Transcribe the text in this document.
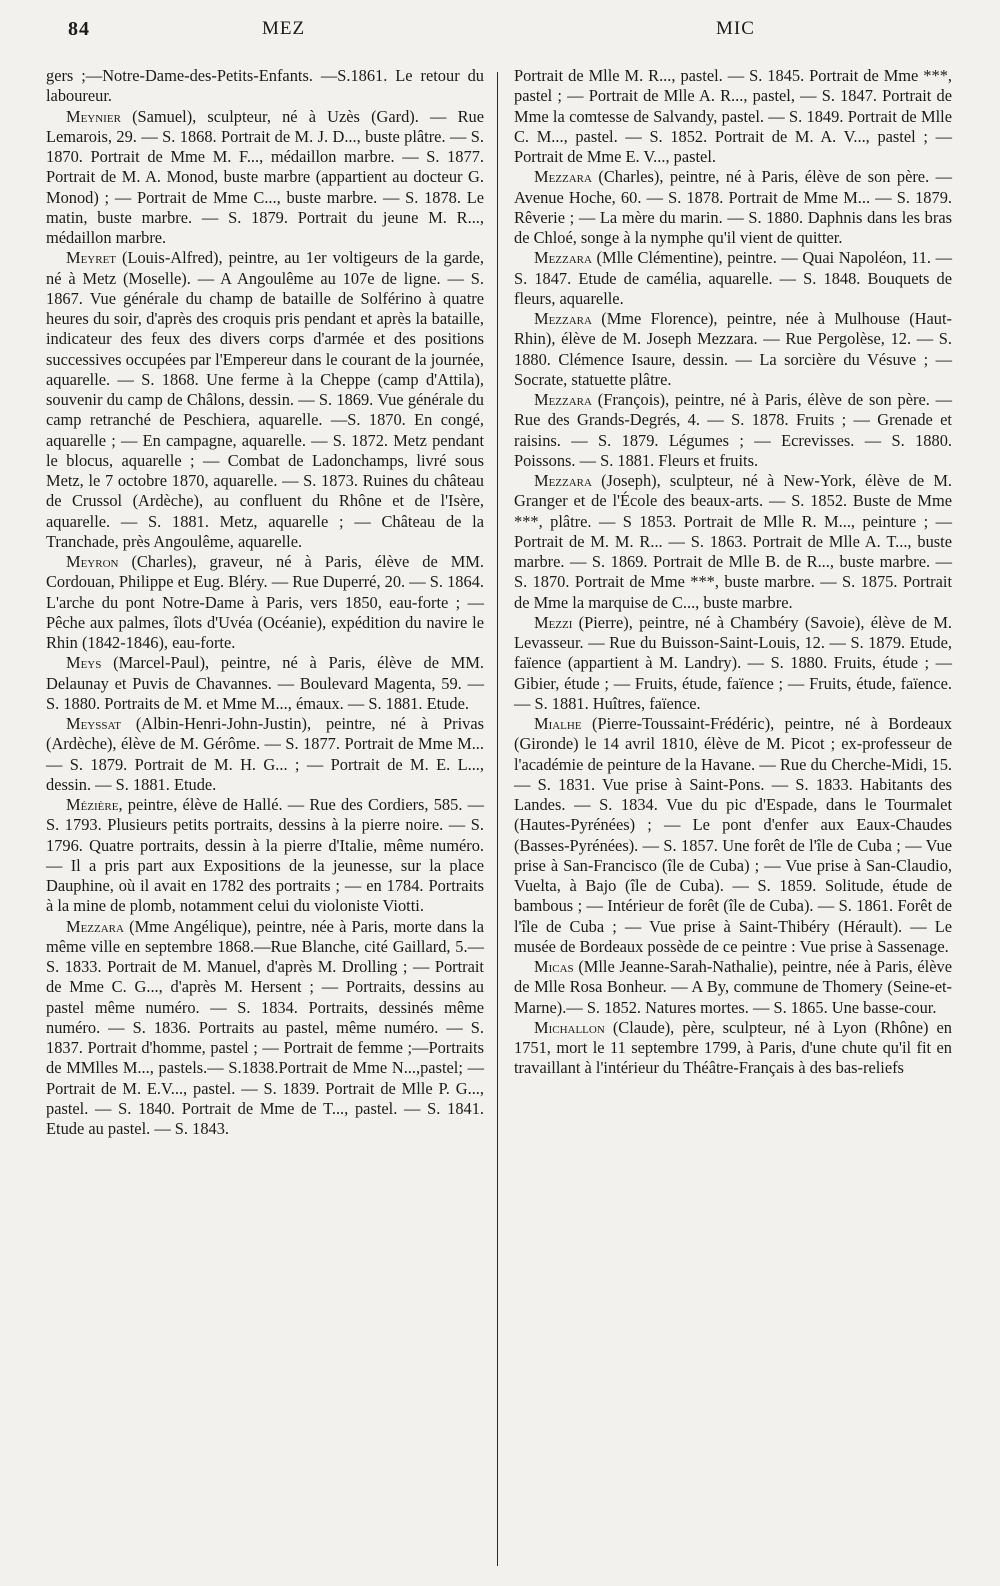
84	MEZ	MIC

gers ;—Notre-Dame-des-Petits-Enfants. —S.1861. Le retour du laboureur.

Meynier (Samuel), sculpteur, né à Uzès (Gard). — Rue Lemarois, 29. — S. 1868. Portrait de M. J. D..., buste plâtre. — S. 1870. Portrait de Mme M. F..., médaillon marbre. — S. 1877. Portrait de M. A. Monod, buste marbre (appartient au docteur G. Monod) ; — Portrait de Mme C..., buste marbre. — S. 1878. Le matin, buste marbre. — S. 1879. Portrait du jeune M. R..., médaillon marbre.

Meyret (Louis-Alfred), peintre, au 1er voltigeurs de la garde, né à Metz (Moselle). — A Angoulême au 107e de ligne. — S. 1867. Vue générale du champ de bataille de Solférino à quatre heures du soir, d'après des croquis pris pendant et après la bataille, indicateur des feux des divers corps d'armée et des positions successives occupées par l'Empereur dans le courant de la journée, aquarelle. — S. 1868. Une ferme à la Cheppe (camp d'Attila), souvenir du camp de Châlons, dessin. — S. 1869. Vue générale du camp retranché de Peschiera, aquarelle. —S. 1870. En congé, aquarelle ; — En campagne, aquarelle. — S. 1872. Metz pendant le blocus, aquarelle ; — Combat de Ladonchamps, livré sous Metz, le 7 octobre 1870, aquarelle. — S. 1873. Ruines du château de Crussol (Ardèche), au confluent du Rhône et de l'Isère, aquarelle. — S. 1881. Metz, aquarelle ; — Château de la Tranchade, près Angoulême, aquarelle.

Meyron (Charles), graveur, né à Paris, élève de MM. Cordouan, Philippe et Eug. Bléry. — Rue Duperré, 20. — S. 1864. L'arche du pont Notre-Dame à Paris, vers 1850, eau-forte ; — Pêche aux palmes, îlots d'Uvéa (Océanie), expédition du navire le Rhin (1842-1846), eau-forte.

Meys (Marcel-Paul), peintre, né à Paris, élève de MM. Delaunay et Puvis de Chavannes. — Boulevard Magenta, 59. — S. 1880. Portraits de M. et Mme M..., émaux. — S. 1881. Etude.

Meyssat (Albin-Henri-John-Justin), peintre, né à Privas (Ardèche), élève de M. Gérôme. — S. 1877. Portrait de Mme M... — S. 1879. Portrait de M. H. G... ; — Portrait de M. E. L..., dessin. — S. 1881. Etude.

Mézière, peintre, élève de Hallé. — Rue des Cordiers, 585. — S. 1793. Plusieurs petits portraits, dessins à la pierre noire. — S. 1796. Quatre portraits, dessin à la pierre d'Italie, même numéro. — Il a pris part aux Expositions de la jeunesse, sur la place Dauphine, où il avait en 1782 des portraits ; — en 1784. Portraits à la mine de plomb, notamment celui du violoniste Viotti.

Mezzara (Mme Angélique), peintre, née à Paris, morte dans la même ville en septembre 1868.—Rue Blanche, cité Gaillard, 5.—S. 1833. Portrait de M. Manuel, d'après M. Drolling ; — Portrait de Mme C. G..., d'après M. Hersent ; — Portraits, dessins au pastel même numéro. — S. 1834. Portraits, dessinés même numéro. — S. 1836. Portraits au pastel, même numéro. — S. 1837. Portrait d'homme, pastel ; — Portrait de femme ;—Portraits de MMlles M..., pastels.— S.1838.Portrait de Mme N...,pastel; —Portrait de M. E.V..., pastel. — S. 1839. Portrait de Mlle P. G..., pastel. — S. 1840. Portrait de Mme de T..., pastel. — S. 1841. Etude au pastel. — S. 1843.

Portrait de Mlle M. R..., pastel. — S. 1845. Portrait de Mme ***, pastel ; — Portrait de Mlle A. R..., pastel, — S. 1847. Portrait de Mme la comtesse de Salvandy, pastel. — S. 1849. Portrait de Mlle C. M..., pastel. — S. 1852. Portrait de M. A. V..., pastel ; — Portrait de Mme E. V..., pastel.

Mezzara (Charles), peintre, né à Paris, élève de son père. — Avenue Hoche, 60. — S. 1878. Portrait de Mme M... — S. 1879. Rêverie ; — La mère du marin. — S. 1880. Daphnis dans les bras de Chloé, songe à la nymphe qu'il vient de quitter.

Mezzara (Mlle Clémentine), peintre. — Quai Napoléon, 11. — S. 1847. Etude de camélia, aquarelle. — S. 1848. Bouquets de fleurs, aquarelle.

Mezzara (Mme Florence), peintre, née à Mulhouse (Haut-Rhin), élève de M. Joseph Mezzara. — Rue Pergolèse, 12. — S. 1880. Clémence Isaure, dessin. — La sorcière du Vésuve ; — Socrate, statuette plâtre.

Mezzara (François), peintre, né à Paris, élève de son père. — Rue des Grands-Degrés, 4. — S. 1878. Fruits ; — Grenade et raisins. — S. 1879. Légumes ; — Ecrevisses. — S. 1880. Poissons. — S. 1881. Fleurs et fruits.

Mezzara (Joseph), sculpteur, né à New-York, élève de M. Granger et de l'École des beaux-arts. — S. 1852. Buste de Mme ***, plâtre. — S 1853. Portrait de Mlle R. M..., peinture ; — Portrait de M. M. R... — S. 1863. Portrait de Mlle A. T..., buste marbre. — S. 1869. Portrait de Mlle B. de R..., buste marbre. — S. 1870. Portrait de Mme ***, buste marbre. — S. 1875. Portrait de Mme la marquise de C..., buste marbre.

Mezzi (Pierre), peintre, né à Chambéry (Savoie), élève de M. Levasseur. — Rue du Buisson-Saint-Louis, 12. — S. 1879. Etude, faïence (appartient à M. Landry). — S. 1880. Fruits, étude ; — Gibier, étude ; — Fruits, étude, faïence ; — Fruits, étude, faïence. — S. 1881. Huîtres, faïence.

Mialhe (Pierre-Toussaint-Frédéric), peintre, né à Bordeaux (Gironde) le 14 avril 1810, élève de M. Picot ; ex-professeur de l'académie de peinture de la Havane. — Rue du Cherche-Midi, 15. — S. 1831. Vue prise à Saint-Pons. — S. 1833. Habitants des Landes. — S. 1834. Vue du pic d'Espade, dans le Tourmalet (Hautes-Pyrénées) ; — Le pont d'enfer aux Eaux-Chaudes (Basses-Pyrénées). — S. 1857. Une forêt de l'île de Cuba ; — Vue prise à San-Francisco (île de Cuba) ; — Vue prise à San-Claudio, Vuelta, à Bajo (île de Cuba). — S. 1859. Solitude, étude de bambous ; — Intérieur de forêt (île de Cuba). — S. 1861. Forêt de l'île de Cuba ; — Vue prise à Saint-Thibéry (Hérault). — Le musée de Bordeaux possède de ce peintre : Vue prise à Sassenage.

Micas (Mlle Jeanne-Sarah-Nathalie), peintre, née à Paris, élève de Mlle Rosa Bonheur. — A By, commune de Thomery (Seine-et-Marne).— S. 1852. Natures mortes. — S. 1865. Une basse-cour.

Michallon (Claude), père, sculpteur, né à Lyon (Rhône) en 1751, mort le 11 septembre 1799, à Paris, d'une chute qu'il fit en travaillant à l'intérieur du Théâtre-Français à des bas-reliefs
